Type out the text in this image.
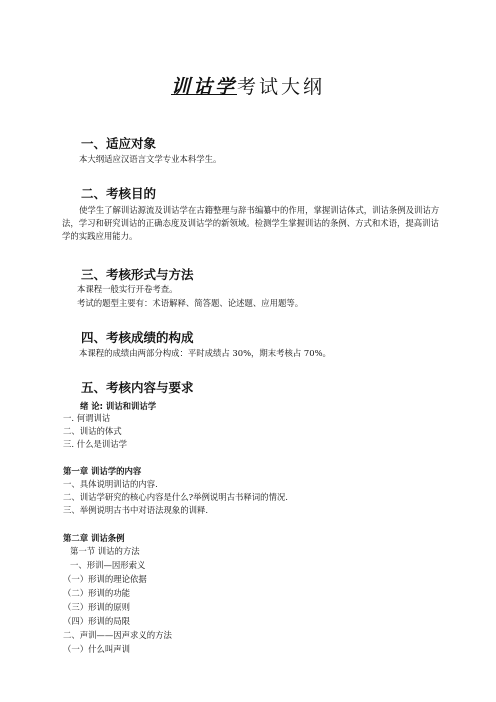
训诂学考试大纲
一、适应对象
本大纲适应汉语言文学专业本科学生。
二、考核目的
使学生了解训诂源流及训诂学在古籍整理与辞书编纂中的作用，掌握训诂体式，训诂条例及训诂方法，学习和研究训诂的正确态度及训诂学的新领域。检测学生掌握训诂的条例、方式和术语，提高训诂学的实践应用能力。
三、考核形式与方法
本课程一般实行开卷考查。
考试的题型主要有：术语解释、简答题、论述题、应用题等。
四、考核成绩的构成
本课程的成绩由两部分构成：平时成绩占 30%，期末考核占 70%。
五、考核内容与要求
绪 论: 训诂和训诂学
一. 何谓训诂
二、训诂的体式
三. 什么是训诂学
第一章 训诂学的内容
一、具体说明训诂的内容.
二、训诂学研究的核心内容是什么?举例说明古书释词的情况.
三、举例说明古书中对语法现象的训释.
第二章 训诂条例
第一节 训诂的方法
一、形训—因形索义
（一）形训的理论依据
（二）形训的功能
（三）形训的原则
（四）形训的局限
二、声训——因声求义的方法
（一）什么叫声训
